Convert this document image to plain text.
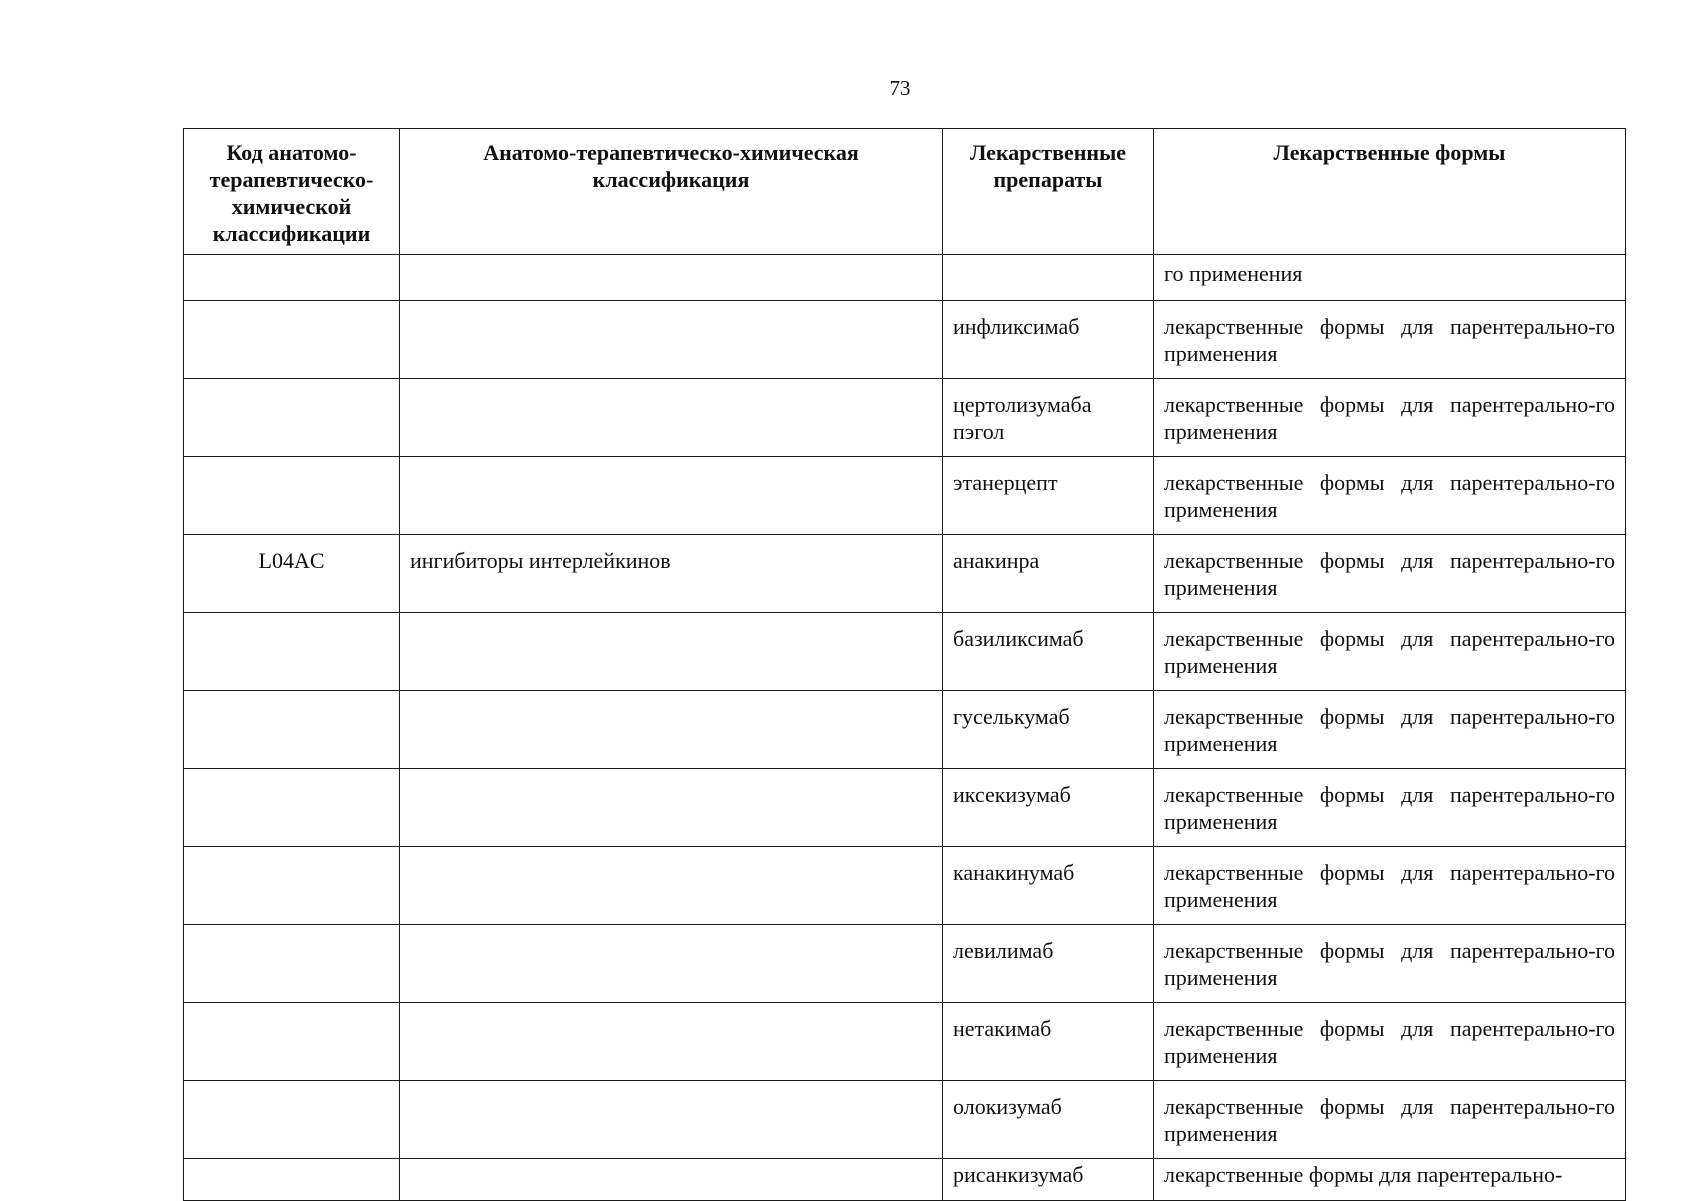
73
Код анатомо-терапевтическо-химической классификации	Анатомо-терапевтическо-химическая классификация	Лекарственные препараты	Лекарственные формы
			го применения
		инфликсимаб	лекарственные формы для парентерально-го применения
		цертолизумаба пэгол	лекарственные формы для парентерально-го применения
		этанерцепт	лекарственные формы для парентерально-го применения
L04AC	ингибиторы интерлейкинов	анакинра	лекарственные формы для парентерально-го применения
		базиликсимаб	лекарственные формы для парентерально-го применения
		гуселькумаб	лекарственные формы для парентерально-го применения
		иксекизумаб	лекарственные формы для парентерально-го применения
		канакинумаб	лекарственные формы для парентерально-го применения
		левилимаб	лекарственные формы для парентерально-го применения
		нетакимаб	лекарственные формы для парентерально-го применения
		олокизумаб	лекарственные формы для парентерально-го применения
		рисанкизумаб	лекарственные формы для парентерально-
